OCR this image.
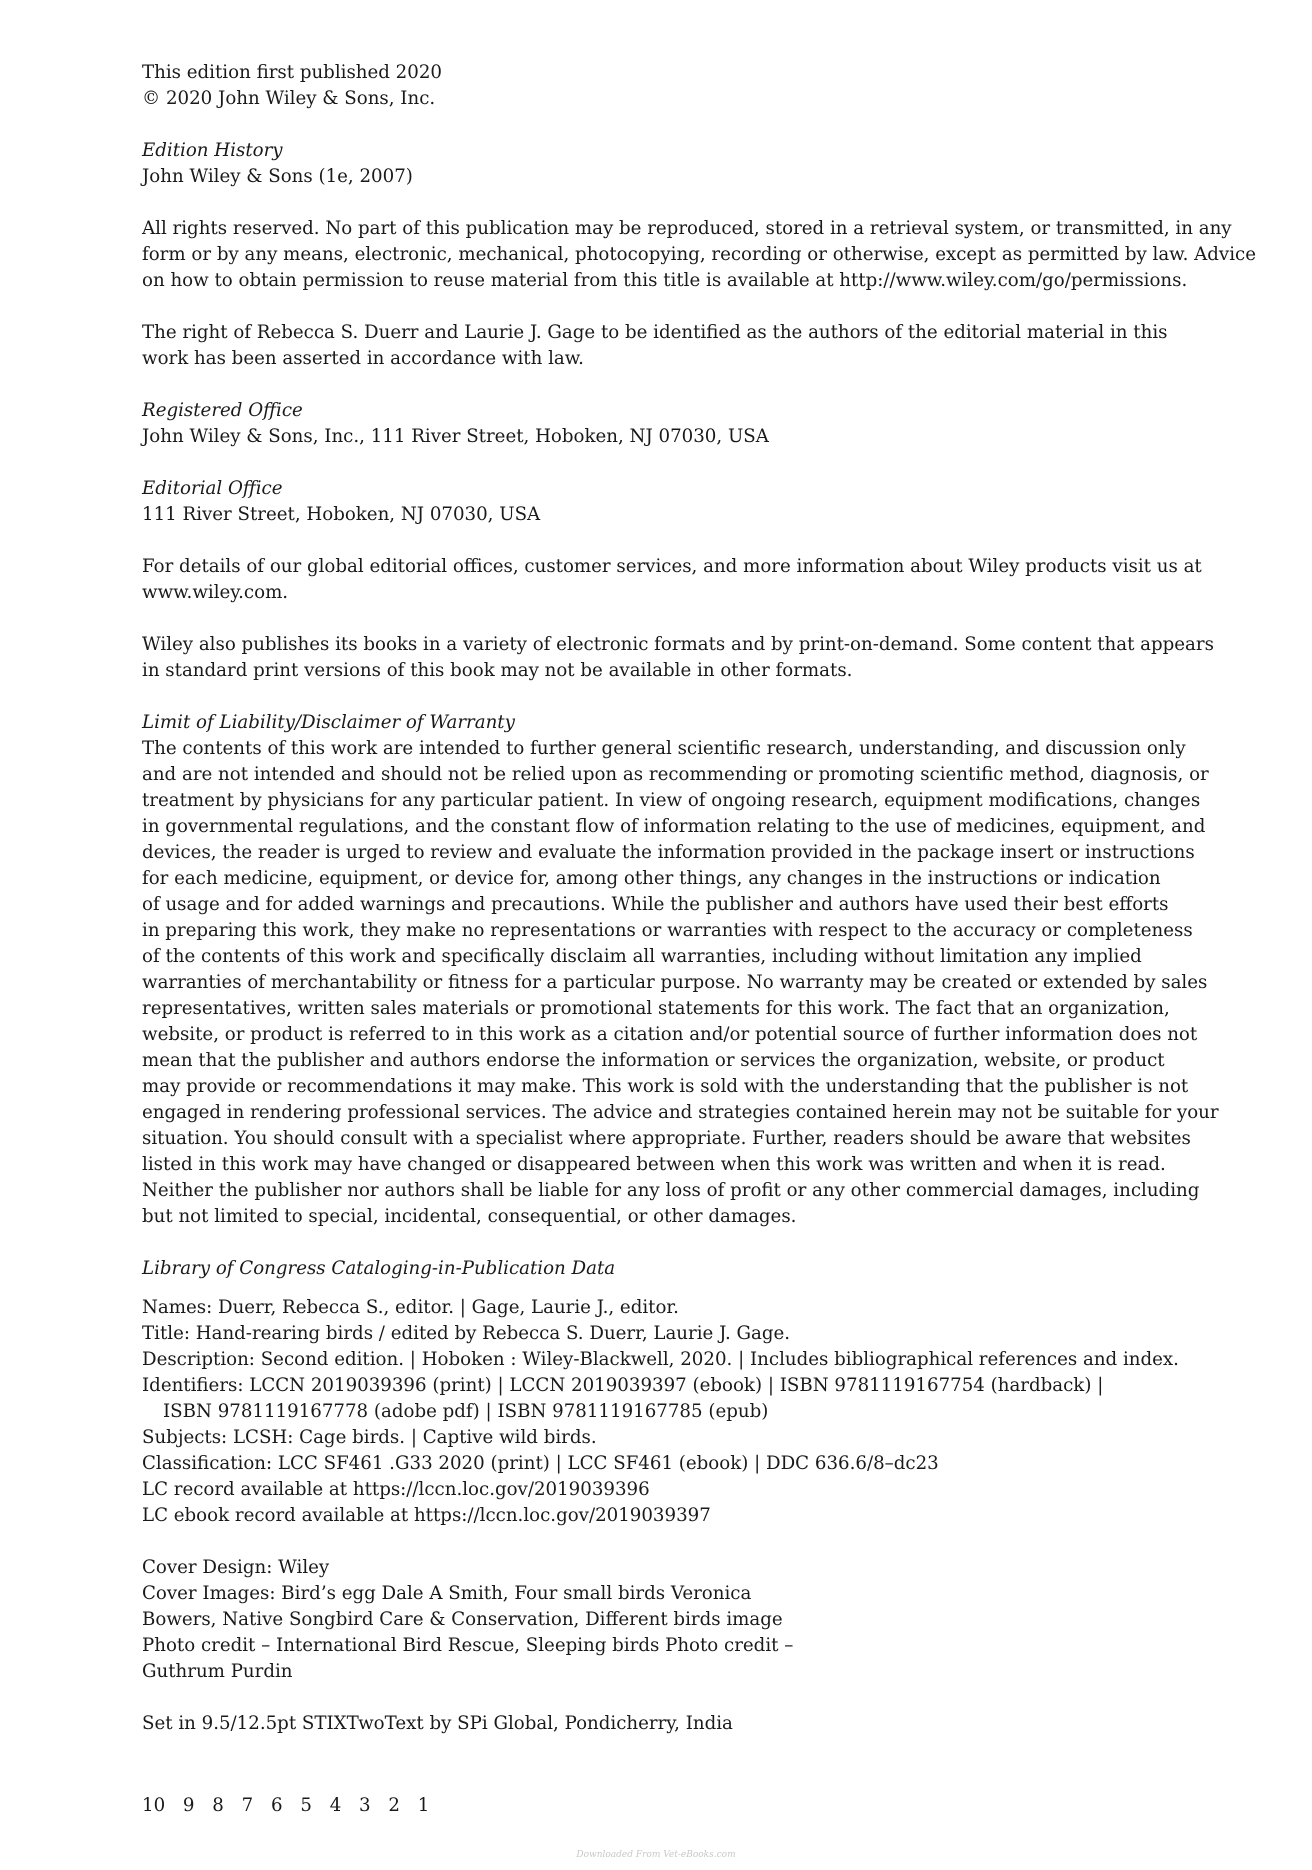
This edition first published 2020
© 2020 John Wiley & Sons, Inc.

Edition History
John Wiley & Sons (1e, 2007)

All rights reserved. No part of this publication may be reproduced, stored in a retrieval system, or transmitted, in any
form or by any means, electronic, mechanical, photocopying, recording or otherwise, except as permitted by law. Advice
on how to obtain permission to reuse material from this title is available at http://www.wiley.com/go/permissions.

The right of Rebecca S. Duerr and Laurie J. Gage to be identified as the authors of the editorial material in this
work has been asserted in accordance with law.

Registered Office
John Wiley & Sons, Inc., 111 River Street, Hoboken, NJ 07030, USA

Editorial Office
111 River Street, Hoboken, NJ 07030, USA

For details of our global editorial offices, customer services, and more information about Wiley products visit us at
www.wiley.com.

Wiley also publishes its books in a variety of electronic formats and by print-on-demand. Some content that appears
in standard print versions of this book may not be available in other formats.

Limit of Liability/Disclaimer of Warranty
The contents of this work are intended to further general scientific research, understanding, and discussion only
and are not intended and should not be relied upon as recommending or promoting scientific method, diagnosis, or
treatment by physicians for any particular patient. In view of ongoing research, equipment modifications, changes
in governmental regulations, and the constant flow of information relating to the use of medicines, equipment, and
devices, the reader is urged to review and evaluate the information provided in the package insert or instructions
for each medicine, equipment, or device for, among other things, any changes in the instructions or indication
of usage and for added warnings and precautions. While the publisher and authors have used their best efforts
in preparing this work, they make no representations or warranties with respect to the accuracy or completeness
of the contents of this work and specifically disclaim all warranties, including without limitation any implied
warranties of merchantability or fitness for a particular purpose. No warranty may be created or extended by sales
representatives, written sales materials or promotional statements for this work. The fact that an organization,
website, or product is referred to in this work as a citation and/or potential source of further information does not
mean that the publisher and authors endorse the information or services the organization, website, or product
may provide or recommendations it may make. This work is sold with the understanding that the publisher is not
engaged in rendering professional services. The advice and strategies contained herein may not be suitable for your
situation. You should consult with a specialist where appropriate. Further, readers should be aware that websites
listed in this work may have changed or disappeared between when this work was written and when it is read.
Neither the publisher nor authors shall be liable for any loss of profit or any other commercial damages, including
but not limited to special, incidental, consequential, or other damages.

Library of Congress Cataloging-in-Publication Data

Names: Duerr, Rebecca S., editor. | Gage, Laurie J., editor.
Title: Hand-rearing birds / edited by Rebecca S. Duerr, Laurie J. Gage.
Description: Second edition. | Hoboken : Wiley-Blackwell, 2020. | Includes bibliographical references and index.
Identifiers: LCCN 2019039396 (print) | LCCN 2019039397 (ebook) | ISBN 9781119167754 (hardback) |
ISBN 9781119167778 (adobe pdf) | ISBN 9781119167785 (epub)
Subjects: LCSH: Cage birds. | Captive wild birds.
Classification: LCC SF461 .G33 2020 (print) | LCC SF461 (ebook) | DDC 636.6/8–dc23
LC record available at https://lccn.loc.gov/2019039396
LC ebook record available at https://lccn.loc.gov/2019039397

Cover Design: Wiley
Cover Images: Bird’s egg Dale A Smith, Four small birds Veronica
Bowers, Native Songbird Care & Conservation, Different birds image
Photo credit – International Bird Rescue, Sleeping birds Photo credit –
Guthrum Purdin

Set in 9.5/12.5pt STIXTwoText by SPi Global, Pondicherry, India

10 9 8 7 6 5 4 3 2 1
Downloaded From Vet-eBooks.com
